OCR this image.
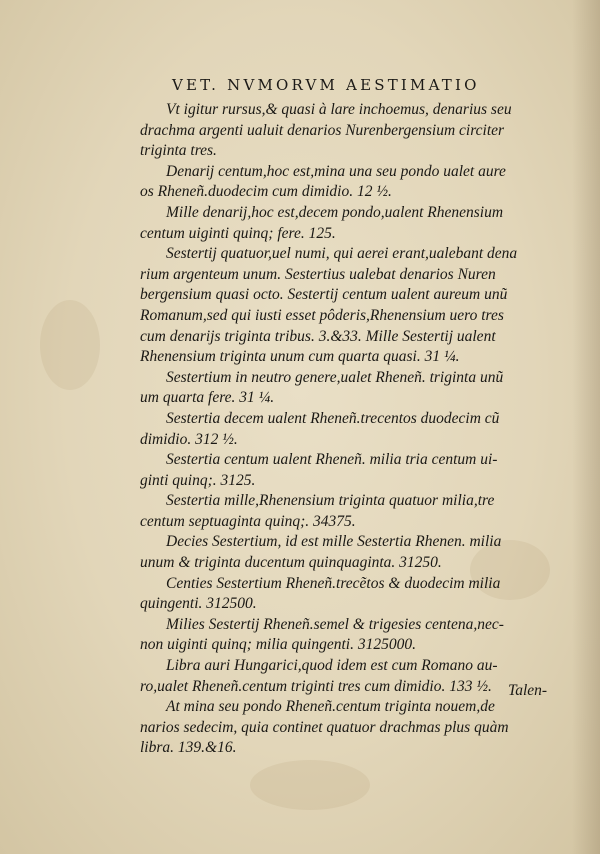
VET. NVMORVM AESTIMATIO
Vt igitur rursus,& quasi à lare inchoemus, denarius seu
drachma argenti ualuit denarios Nurenbergensium circiter
triginta tres.
Denarij centum,hoc est,mina una seu pondo ualet aure
os Rheneñ.duodecim cum dimidio. 12 ½.
Mille denarij,hoc est,decem pondo,ualent Rhenensium
centum uiginti quinq; fere. 125.
Sestertij quatuor,uel numi, qui aerei erant,ualebant dena
rium argenteum unum. Sestertius ualebat denarios Nuren
bergensium quasi octo. Sestertij centum ualent aureum unũ
Romanum,sed qui iusti esset pôderis,Rhenensium uero tres
cum denarijs triginta tribus. 3.&33. Mille Sestertij ualent
Rhenensium triginta unum cum quarta quasi. 31 ¼.
Sestertium in neutro genere,ualet Rheneñ. triginta unũ
um quarta fere. 31 ¼.
Sestertia decem ualent Rheneñ.trecentos duodecim cũ
dimidio. 312 ½.
Sestertia centum ualent Rheneñ. milia tria centum ui-
ginti quinq;. 3125.
Sestertia mille,Rhenensium triginta quatuor milia,tre
centum septuaginta quinq;. 34375.
Decies Sestertium, id est mille Sestertia Rhenen. milia
unum & triginta ducentum quinquaginta. 31250.
Centies Sestertium Rheneñ.trecẽtos & duodecim milia
quingenti. 312500.
Milies Sestertij Rheneñ.semel & trigesies centena,nec-
non uiginti quinq; milia quingenti. 3125000.
Libra auri Hungarici,quod idem est cum Romano au-
ro,ualet Rheneñ.centum triginti tres cum dimidio. 133 ½.
At mina seu pondo Rheneñ.centum triginta nouem,de
narios sedecim, quia continet quatuor drachmas plus quàm
libra. 139.&16.
Talen-
